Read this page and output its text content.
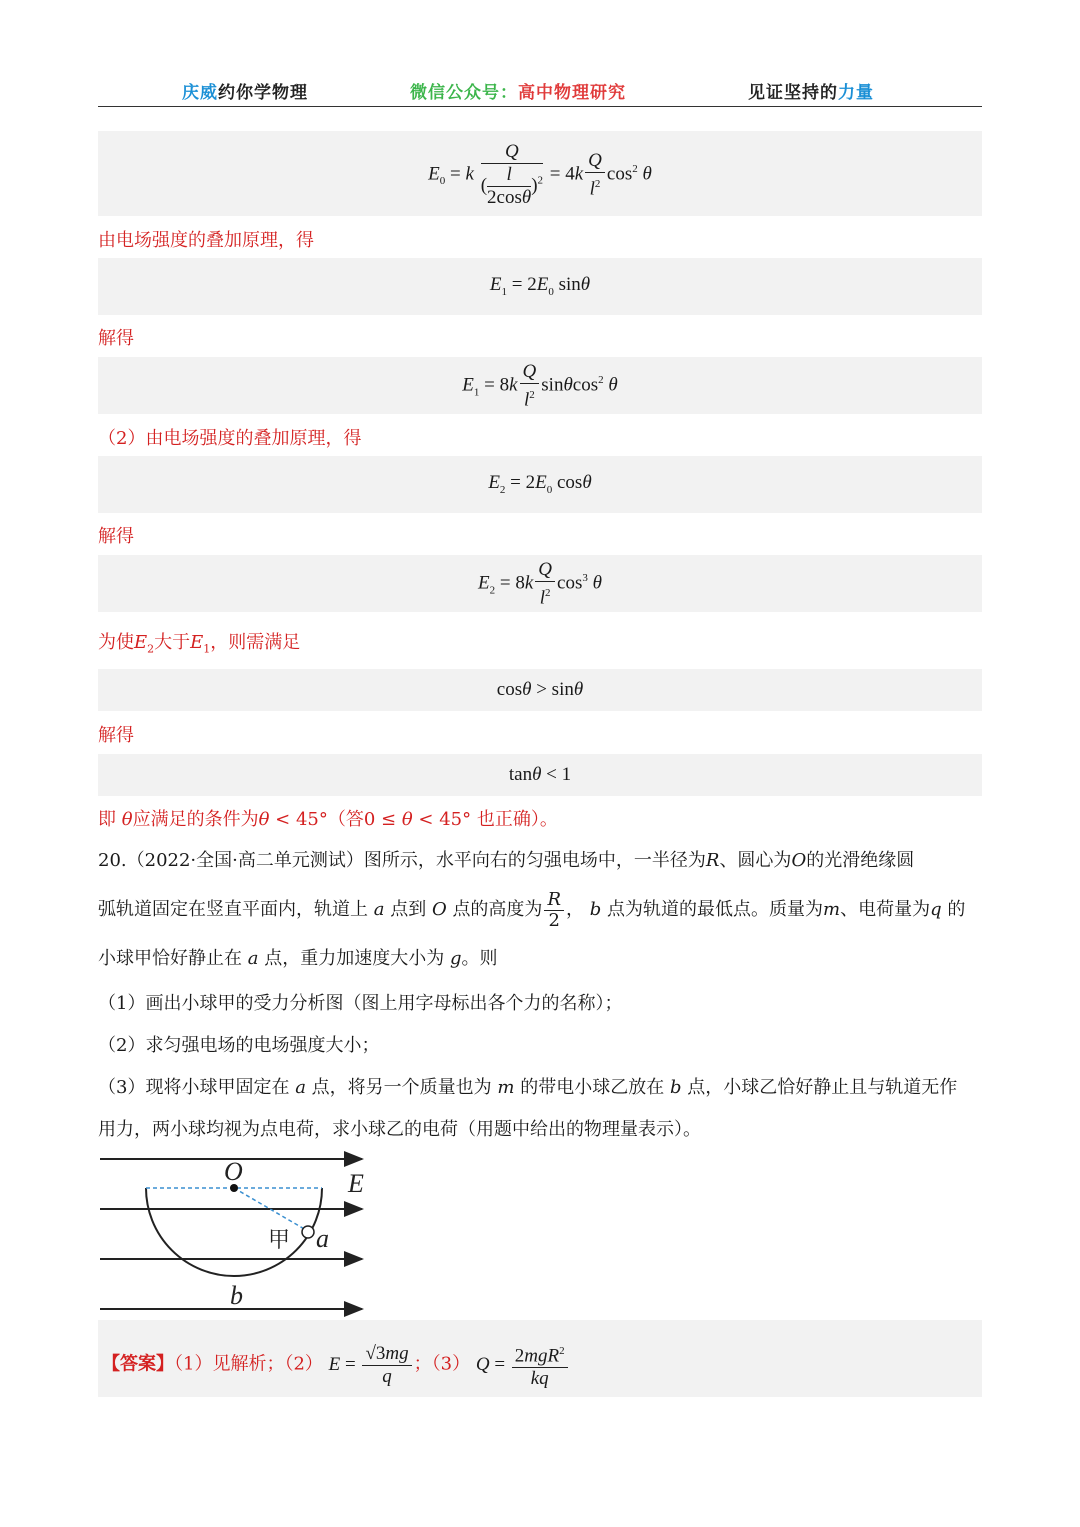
庆威约你学物理	微信公众号：高中物理研究	见证坚持的力量
$E_0 = k \frac{Q}{( \frac{l}{2\cos\theta} )^2} = 4k \frac{Q}{l^2} \cos^2 \theta$
由电场强度的叠加原理，得
$E_1 = 2E_0$ sinθ
解得
$E_1 = 8k \frac{Q}{l^2} \sin\theta\cos^2$ θ
（2）由电场强度的叠加原理，得
$E_2 = 2E_0$ cosθ
解得
$E_2 = 8k \frac{Q}{l^2} \cos^3 \theta$
为使$E_2$大于$E_1$，则需满足
cosθ > sinθ
解得
tanθ < 1
即 θ应满足的条件为θ < 45°（答0 ≤ θ < 45° 也正确）。
20.（2022·全国·高二单元测试）图所示，水平向右的匀强电场中，一半径为R、圆心为O的光滑绝缘圆
弧轨道固定在竖直平面内，轨道上 a 点到 O 点的高度为 $\frac{R}{2}$ ， b 点为轨道的最低点。质量为m、电荷量为q 的
小球甲恰好静止在 a 点，重力加速度大小为 g。则
（1）画出小球甲的受力分析图（图上用字母标出各个力的名称）；
（2）求匀强电场的电场强度大小；
（3）现将小球甲固定在 a 点，将另一个质量也为 m 的带电小球乙放在 b 点，小球乙恰好静止且与轨道无作
用力，两小球均视为点电荷，求小球乙的电荷（用题中给出的物理量表示）。
O	E
甲 a
b
【答案】（1）见解析；（2） $E = \frac{√3mg}{q}$ ；（3） $Q = \frac{2mgR^2}{kq}$
